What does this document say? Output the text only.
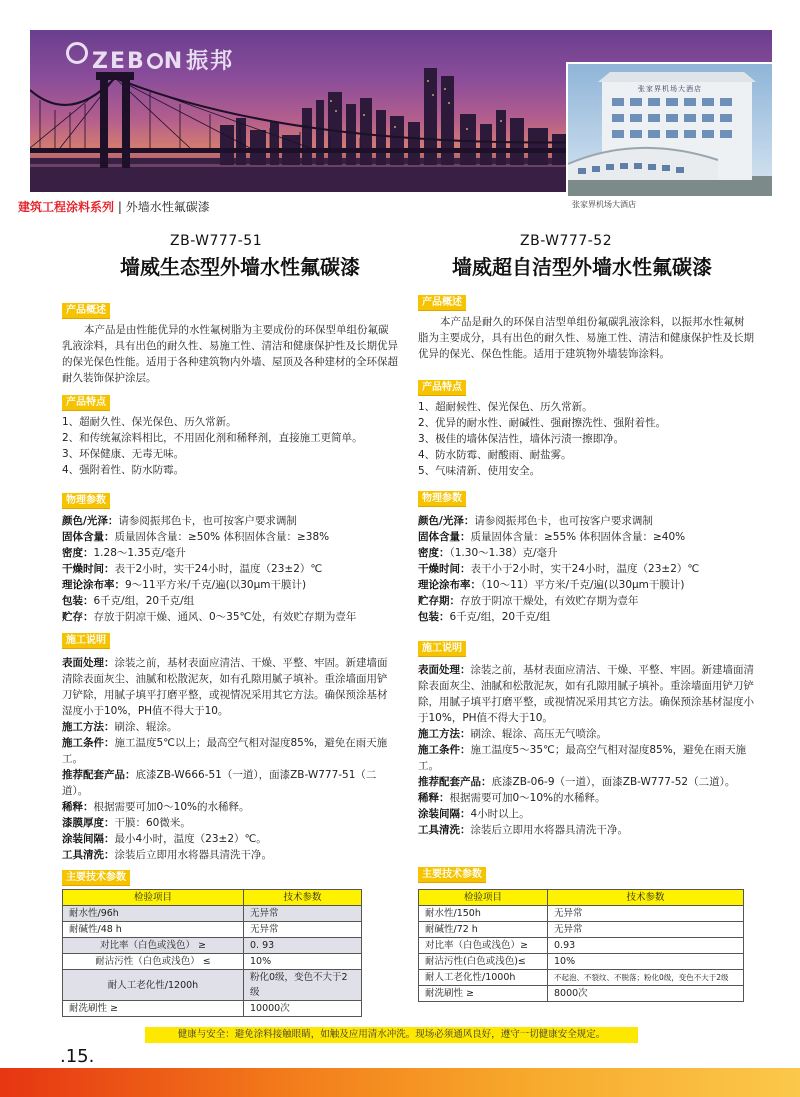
ZEB N振邦
张家界机场大酒店
张家界机场大酒店
建筑工程涂料系列 | 外墙水性氟碳漆
ZB-W777-51
墙威生态型外墙水性氟碳漆
产品概述
本产品是由性能优异的水性氟树脂为主要成份的环保型单组份氟碳乳液涂料，具有出色的耐久性、易施工性、清洁和健康保护性及长期优异的保光保色性能。适用于各种建筑物内外墙、屋顶及各种建材的全环保超耐久装饰保护涂层。
产品特点

1、超耐久性、保光保色、历久常新。

2、和传统氟涂料相比，不用固化剂和稀释剂，直接施工更简单。

3、环保健康、无毒无味。

4、强附着性、防水防霉。

物理参数

颜色/光泽：请参阅振邦色卡，也可按客户要求调制

固体含量：质量固体含量：≥50% 体积固体含量：≥38%

密度：1.28～1.35克/毫升

干燥时间：表干2小时，实干24小时，温度（23±2）℃

理论涂布率：9～11平方米/千克/遍(以30μm干膜计)

包装：6千克/组，20千克/组

贮存：存放于阴凉干燥、通风、0～35℃处，有效贮存期为壹年

施工说明

表面处理：涂装之前，基材表面应清洁、干燥、平整、牢固。新建墙面清除表面灰尘、油腻和松散泥灰，如有孔隙用腻子填补。重涂墙面用铲刀铲除，用腻子填平打磨平整，或视情况采用其它方法。确保预涂基材湿度小于10%，PH值不得大于10。

施工方法：刷涂、辊涂。

施工条件：施工温度5℃以上；最高空气相对湿度85%，避免在雨天施工。

推荐配套产品：底漆ZB-W666-51（一道），面漆ZB-W777-51（二道）。

稀释：根据需要可加0～10%的水稀释。

漆膜厚度：干膜：60微米。

涂装间隔：最小4小时，温度（23±2）℃。

工具清洗：涂装后立即用水将器具清洗干净。

主要技术参数
检验项目	技术参数
耐水性/96h	无异常
耐碱性/48 h	无异常
对比率（白色或浅色） ≥	0. 93
耐沾污性（白色或浅色） ≤	10%
耐人工老化性/1200h	粉化0级，变色不大于2级
耐洗刷性 ≥	10000次
ZB-W777-52
墙威超自洁型外墙水性氟碳漆
产品概述
本产品是耐久的环保自洁型单组份氟碳乳液涂料，以振邦水性氟树脂为主要成分，具有出色的耐久性、易施工性、清洁和健康保护性及长期优异的保光、保色性能。适用于建筑物外墙装饰涂料。
产品特点

1、超耐候性、保光保色、历久常新。

2、优异的耐水性、耐碱性、强耐擦洗性、强附着性。

3、极佳的墙体保洁性，墙体污渍一擦即净。

4、防水防霉、耐酸雨、耐盐雾。

5、气味清新、使用安全。

物理参数

颜色/光泽：请参阅振邦色卡，也可按客户要求调制

固体含量：质量固体含量：≥55% 体积固体含量：≥40%

密度：（1.30～1.38）克/毫升

干燥时间：表干小于2小时，实干24小时，温度（23±2）℃

理论涂布率：（10～11）平方米/千克/遍(以30μm干膜计)

贮存期：存放于阴凉干燥处，有效贮存期为壹年

包装：6千克/组，20千克/组

施工说明

表面处理：涂装之前，基材表面应清洁、干燥、平整、牢固。新建墙面清除表面灰尘、油腻和松散泥灰，如有孔隙用腻子填补。重涂墙面用铲刀铲除，用腻子填平打磨平整，或视情况采用其它方法。确保预涂基材湿度小于10%，PH值不得大于10。

施工方法：刷涂、辊涂、高压无气喷涂。

施工条件：施工温度5～35℃；最高空气相对湿度85%，避免在雨天施工。

推荐配套产品：底漆ZB-06-9（一道），面漆ZB-W777-52（二道）。

稀释：根据需要可加0～10%的水稀释。

涂装间隔：4小时以上。

工具清洗：涂装后立即用水将器具清洗干净。

主要技术参数
检验项目	技术参数
耐水性/150h	无异常
耐碱性/72 h	无异常
对比率（白色或浅色）≥	0.93
耐沾污性(白色或浅色)≤	10%
耐人工老化性/1000h	不起泡、不裂纹、不脱落；粉化0级，变色不大于2级
耐洗刷性 ≥	8000次
健康与安全：避免涂料接触眼睛，如触及应用清水冲洗。现场必须通风良好，遵守一切健康安全规定。
.15.
